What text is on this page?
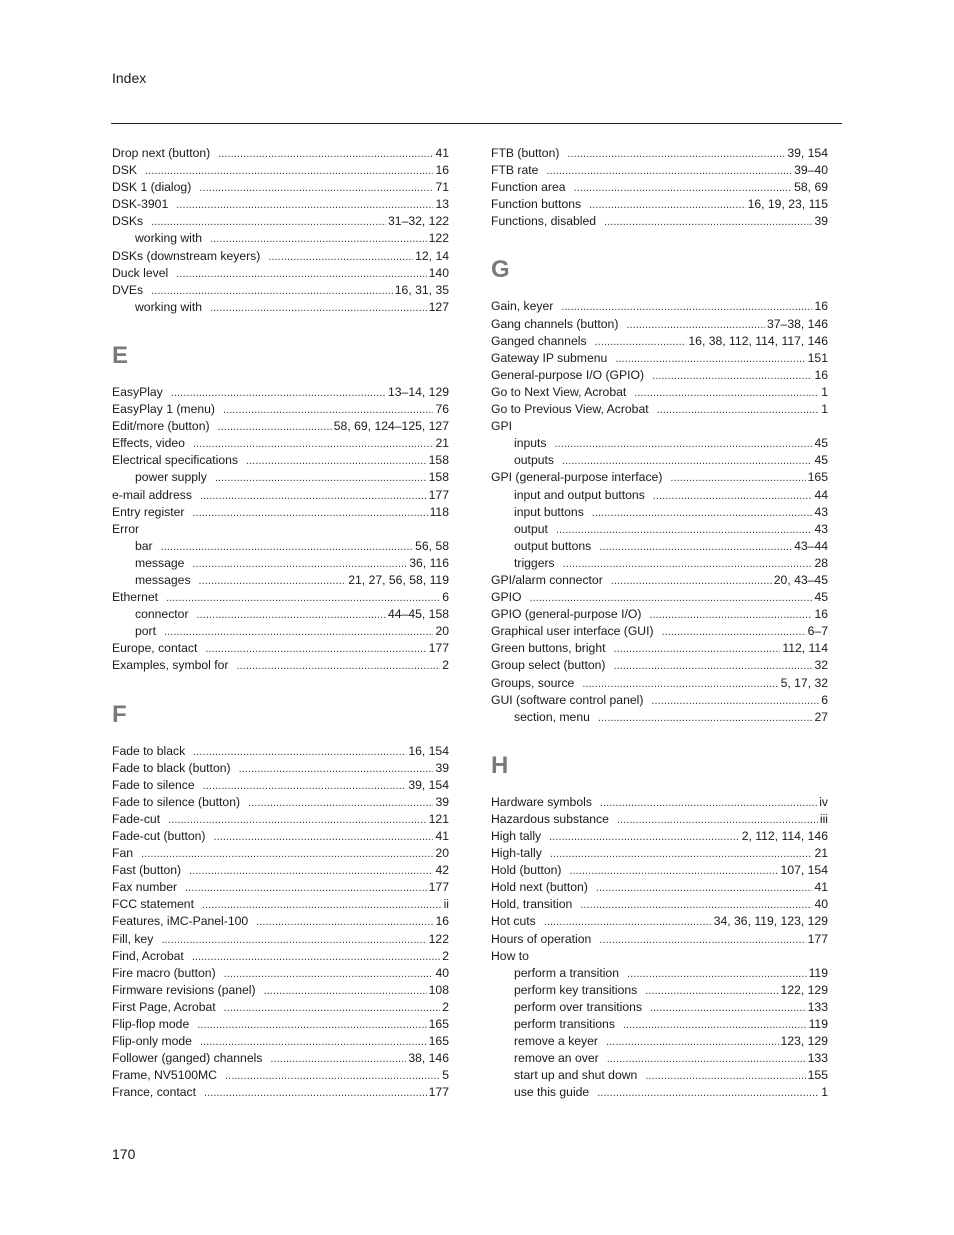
Index
Drop next (button) . . .	41
DSK . . .	16
DSK 1 (dialog) . . .	71
DSK-3901 . . .	13
DSKs . . .	31–32, 122
working with . . .	122
DSKs (downstream keyers) . . .	12, 14
Duck level . . .	140
DVEs . . .	16, 31, 35
working with . . .	127
E
EasyPlay . . .	13–14, 129
EasyPlay 1 (menu) . . .	76
Edit/more (button) . . .	58, 69, 124–125, 127
Effects, video . . .	21
Electrical specifications . . .	158
power supply . . .	158
e-mail address . . .	177
Entry register . . .	118
Error
bar . . .	56, 58
message . . .	36, 116
messages . . .	21, 27, 56, 58, 119
Ethernet . . .	6
connector . . .	44–45, 158
port . . .	20
Europe, contact . . .	177
Examples, symbol for . . .	2
F
Fade to black . . .	16, 154
Fade to black (button) . . .	39
Fade to silence . . .	39, 154
Fade to silence (button) . . .	39
Fade-cut . . .	121
Fade-cut (button) . . .	41
Fan . . .	20
Fast (button) . . .	42
Fax number . . .	177
FCC statement . . .	ii
Features, iMC-Panel-100 . . .	16
Fill, key . . .	122
Find, Acrobat . . .	2
Fire macro (button) . . .	40
Firmware revisions (panel) . . .	108
First Page, Acrobat . . .	2
Flip-flop mode . . .	165
Flip-only mode . . .	165
Follower (ganged) channels . . .	38, 146
Frame, NV5100MC . . .	5
France, contact . . .	177
FTB (button) . . .	39, 154
FTB rate . . .	39–40
Function area . . .	58, 69
Function buttons . . .	16, 19, 23, 115
Functions, disabled . . .	39
G
Gain, keyer . . .	16
Gang channels (button) . . .	37–38, 146
Ganged channels . . .	16, 38, 112, 114, 117, 146
Gateway IP submenu . . .	151
General-purpose I/O (GPIO) . . .	16
Go to Next View, Acrobat . . .	1
Go to Previous View, Acrobat . . .	1
GPI
inputs . . .	45
outputs . . .	45
GPI (general-purpose interface) . . .	165
input and output buttons . . .	44
input buttons . . .	43
output . . .	43
output buttons . . .	43–44
triggers . . .	28
GPI/alarm connector . . .	20, 43–45
GPIO . . .	45
GPIO (general-purpose I/O) . . .	16
Graphical user interface (GUI) . . .	6–7
Green buttons, bright . . .	112, 114
Group select (button) . . .	32
Groups, source . . .	5, 17, 32
GUI (software control panel) . . .	6
section, menu . . .	27
H
Hardware symbols . . .	iv
Hazardous substance . . .	iii
High tally . . .	2, 112, 114, 146
High-tally . . .	21
Hold (button) . . .	107, 154
Hold next (button) . . .	41
Hold, transition . . .	40
Hot cuts . . .	34, 36, 119, 123, 129
Hours of operation . . .	177
How to
perform a transition . . .	119
perform key transitions . . .	122, 129
perform over transitions . . .	133
perform transitions . . .	119
remove a keyer . . .	123, 129
remove an over . . .	133
start up and shut down . . .	155
use this guide . . .	1
170
